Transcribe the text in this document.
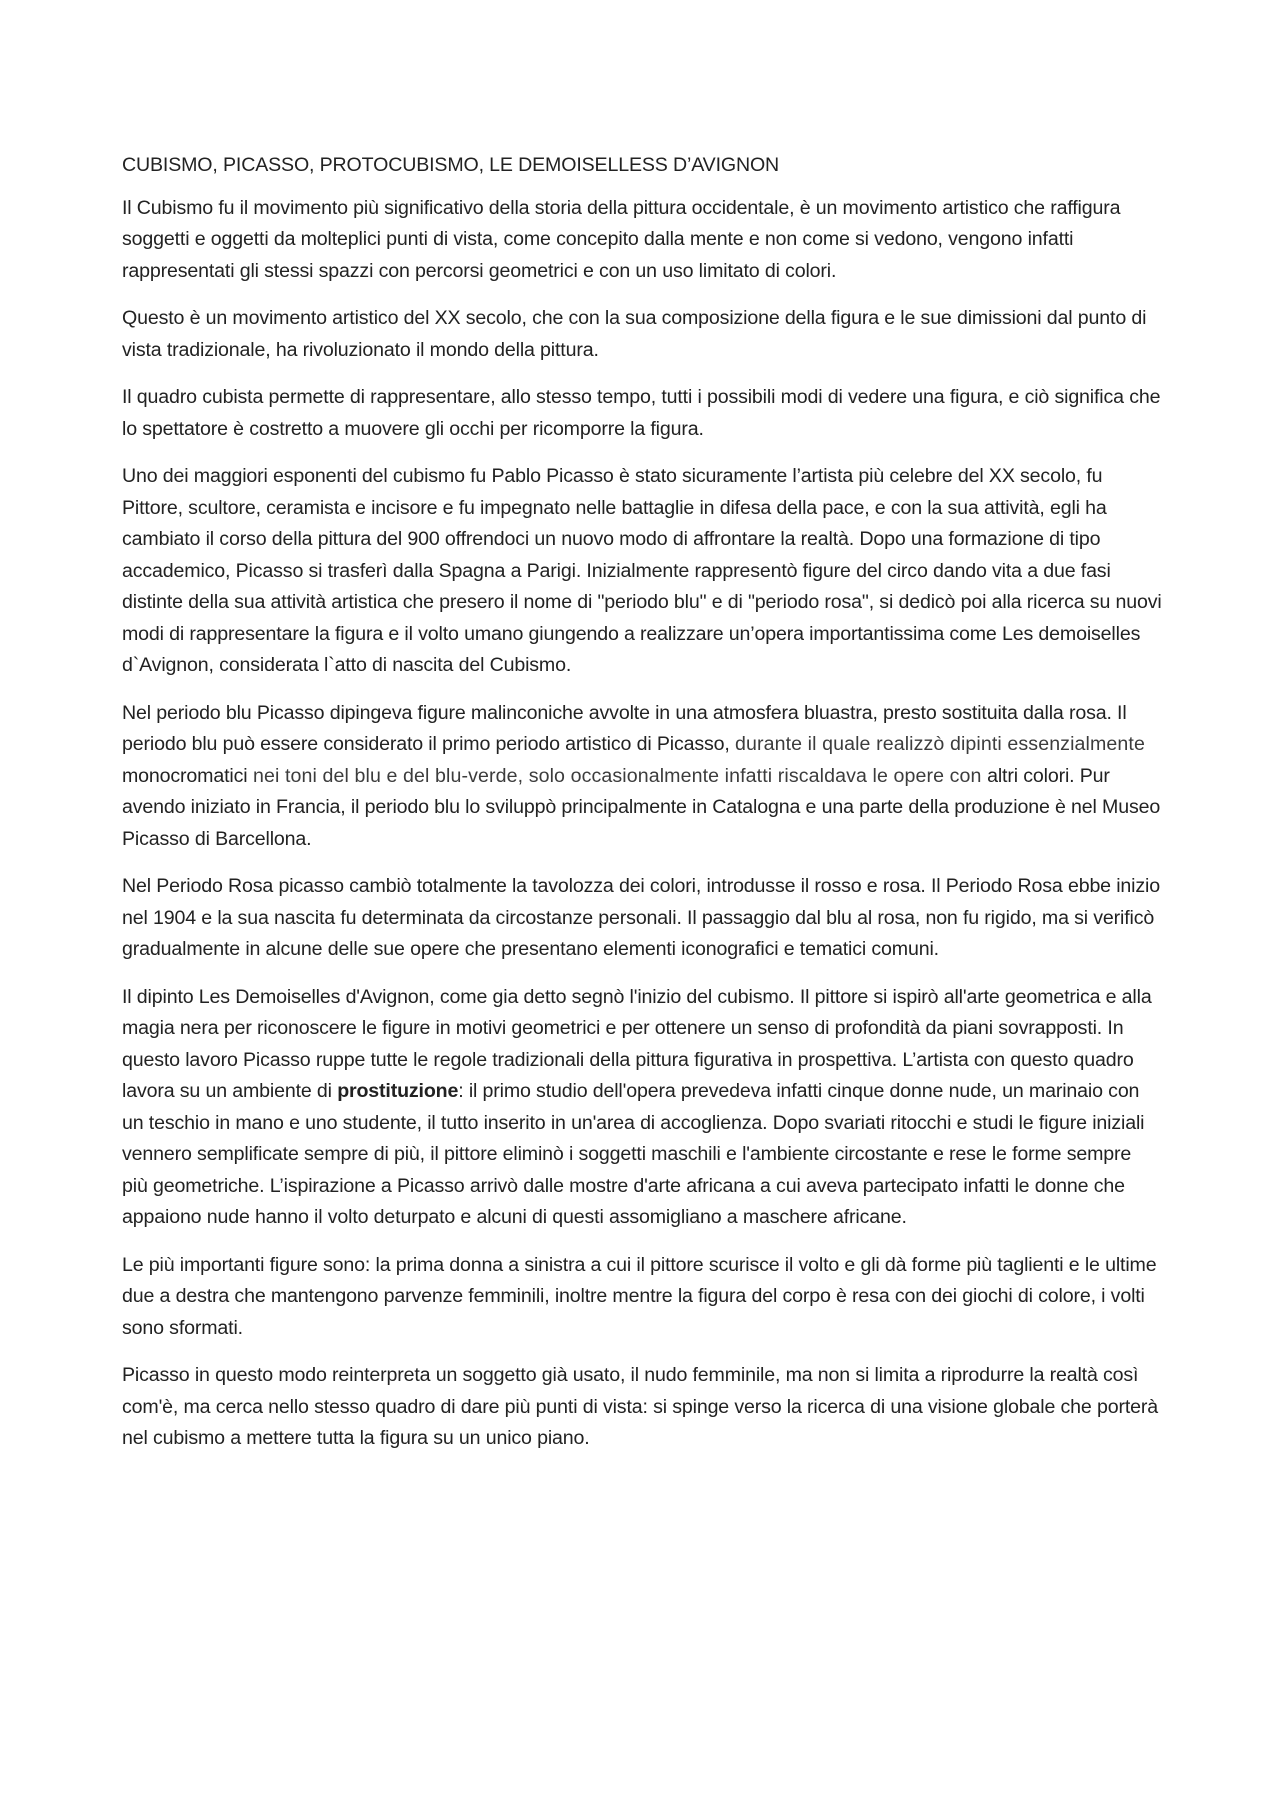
CUBISMO, PICASSO, PROTOCUBISMO, LE DEMOISELLESS D’AVIGNON

Il Cubismo fu il movimento più significativo della storia della pittura occidentale, è un movimento artistico che raffigura soggetti e oggetti da molteplici punti di vista, come concepito dalla mente e non come si vedono, vengono infatti rappresentati gli stessi spazzi con percorsi geometrici e con un uso limitato di colori.

Questo è un movimento artistico del XX secolo, che con la sua composizione della figura e le sue dimissioni dal punto di vista tradizionale, ha rivoluzionato il mondo della pittura.

Il quadro cubista permette di rappresentare, allo stesso tempo, tutti i possibili modi di vedere una figura, e ciò significa che lo spettatore è costretto a muovere gli occhi per ricomporre la figura.

Uno dei maggiori esponenti del cubismo fu Pablo Picasso è stato sicuramente l’artista più celebre del XX secolo, fu Pittore, scultore, ceramista e incisore e fu impegnato nelle battaglie in difesa della pace, e con la sua attività, egli ha cambiato il corso della pittura del 900 offrendoci un nuovo modo di affrontare la realtà. Dopo una formazione di tipo accademico, Picasso si trasferì dalla Spagna a Parigi. Inizialmente rappresentò figure del circo dando vita a due fasi distinte della sua attività artistica che presero il nome di "periodo blu" e di "periodo rosa", si dedicò poi alla ricerca su nuovi modi di rappresentare la figura e il volto umano giungendo a realizzare un’opera importantissima come Les demoiselles d`Avignon, considerata l`atto di nascita del Cubismo.

Nel periodo blu Picasso dipingeva figure malinconiche avvolte in una atmosfera bluastra, presto sostituita dalla rosa. Il periodo blu può essere considerato il primo periodo artistico di Picasso, durante il quale realizzò dipinti essenzialmente monocromatici nei toni del blu e del blu-verde, solo occasionalmente infatti riscaldava le opere con altri colori. Pur avendo iniziato in Francia, il periodo blu lo sviluppò principalmente in Catalogna e una parte della produzione è nel Museo Picasso di Barcellona.

Nel Periodo Rosa picasso cambiò totalmente la tavolozza dei colori, introdusse il rosso e rosa. Il Periodo Rosa ebbe inizio nel 1904 e la sua nascita fu determinata da circostanze personali. Il passaggio dal blu al rosa, non fu rigido, ma si verificò gradualmente in alcune delle sue opere che presentano elementi iconografici e tematici comuni.

Il dipinto Les Demoiselles d'Avignon, come gia detto segnò l'inizio del cubismo. Il pittore si ispirò all'arte geometrica e alla magia nera per riconoscere le figure in motivi geometrici e per ottenere un senso di profondità da piani sovrapposti. In questo lavoro Picasso ruppe tutte le regole tradizionali della pittura figurativa in prospettiva. L’artista con questo quadro lavora su un ambiente di prostituzione: il primo studio dell'opera prevedeva infatti cinque donne nude, un marinaio con un teschio in mano e uno studente, il tutto inserito in un'area di accoglienza. Dopo svariati ritocchi e studi le figure iniziali vennero semplificate sempre di più, il pittore eliminò i soggetti maschili e l'ambiente circostante e rese le forme sempre più geometriche. L’ispirazione a Picasso arrivò dalle mostre d'arte africana a cui aveva partecipato infatti le donne che appaiono nude hanno il volto deturpato e alcuni di questi assomigliano a maschere africane.

Le più importanti figure sono: la prima donna a sinistra a cui il pittore scurisce il volto e gli dà forme più taglienti e le ultime due a destra che mantengono parvenze femminili, inoltre mentre la figura del corpo è resa con dei giochi di colore, i volti sono sformati.

Picasso in questo modo reinterpreta un soggetto già usato, il nudo femminile, ma non si limita a riprodurre la realtà così com'è, ma cerca nello stesso quadro di dare più punti di vista: si spinge verso la ricerca di una visione globale che porterà nel cubismo a mettere tutta la figura su un unico piano.
